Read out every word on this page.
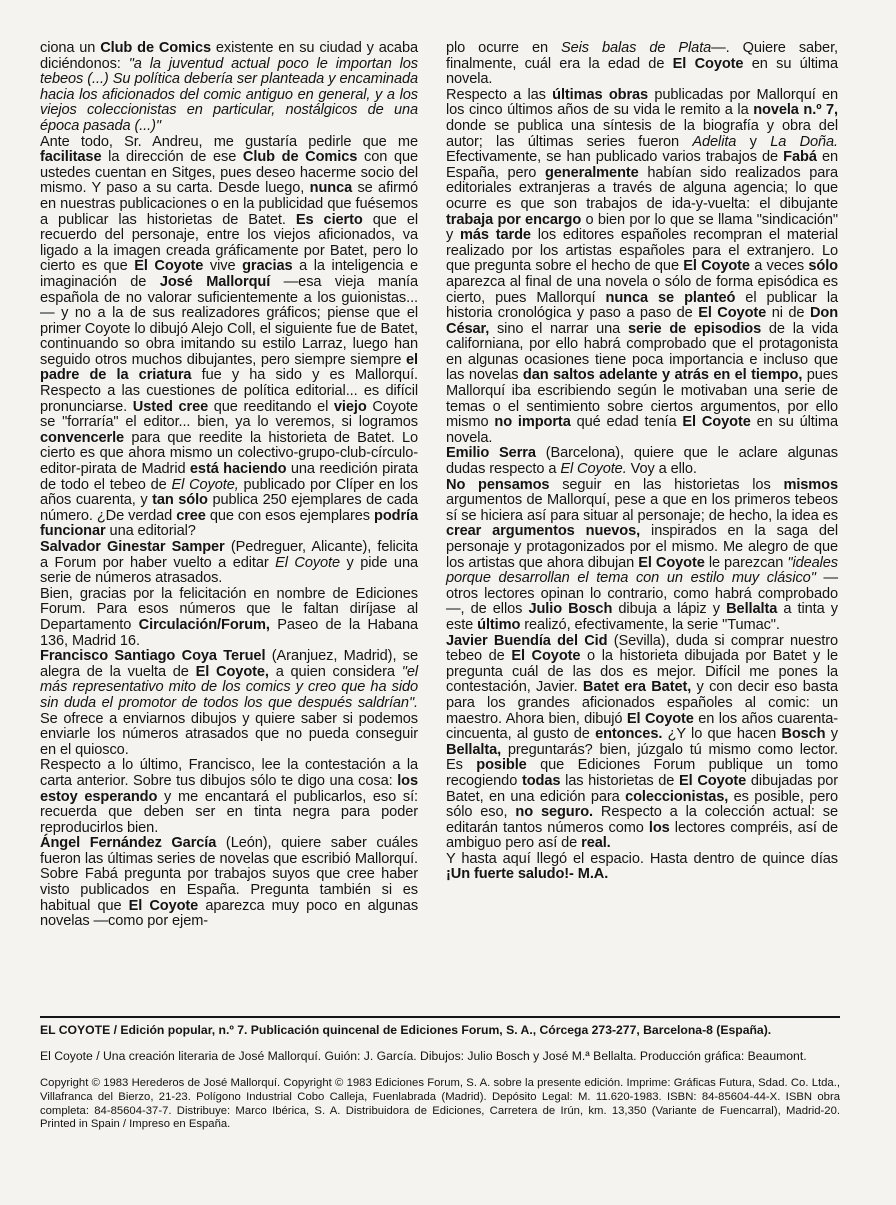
ciona un Club de Comics existente en su ciudad y acaba diciéndonos: "a la juventud actual poco le importan los tebeos (...) Su política debería ser planteada y encaminada hacia los aficionados del comic antiguo en general, y a los viejos coleccionistas en particular, nostálgicos de una época pasada (...)"

Ante todo, Sr. Andreu, me gustaría pedirle que me facilitase la dirección de ese Club de Comics con que ustedes cuentan en Sitges, pues deseo hacerme socio del mismo. Y paso a su carta. Desde luego, nunca se afirmó en nuestras publicaciones o en la publicidad que fuésemos a publicar las historietas de Batet. Es cierto que el recuerdo del personaje, entre los viejos aficionados, va ligado a la imagen creada gráficamente por Batet, pero lo cierto es que El Coyote vive gracias a la inteligencia e imaginación de José Mallorquí —esa vieja manía española de no valorar suficientemente a los guionistas... — y no a la de sus realizadores gráficos; piense que el primer Coyote lo dibujó Alejo Coll, el siguiente fue de Batet, continuando so obra imitando su estilo Larraz, luego han seguido otros muchos dibujantes, pero siempre siempre el padre de la criatura fue y ha sido y es Mallorquí. Respecto a las cuestiones de política editorial... es difícil pronunciarse. Usted cree que reeditando el viejo Coyote se "forraría" el editor... bien, ya lo veremos, si logramos convencerle para que reedite la historieta de Batet. Lo cierto es que ahora mismo un colectivo-grupo-club-círculo-editor-pirata de Madrid está haciendo una reedición pirata de todo el tebeo de El Coyote, publicado por Clíper en los años cuarenta, y tan sólo publica 250 ejemplares de cada número. ¿De verdad cree que con esos ejemplares podría funcionar una editorial?

Salvador Ginestar Samper (Pedreguer, Alicante), felicita a Forum por haber vuelto a editar El Coyote y pide una serie de números atrasados.

Bien, gracias por la felicitación en nombre de Ediciones Forum. Para esos números que le faltan diríjase al Departamento Circulación/Forum, Paseo de la Habana 136, Madrid 16.

Francisco Santiago Coya Teruel (Aranjuez, Madrid), se alegra de la vuelta de El Coyote, a quien considera "el más representativo mito de los comics y creo que ha sido sin duda el promotor de todos los que después saldrían". Se ofrece a enviarnos dibujos y quiere saber si podemos enviarle los números atrasados que no pueda conseguir en el quiosco.

Respecto a lo último, Francisco, lee la contestación a la carta anterior. Sobre tus dibujos sólo te digo una cosa: los estoy esperando y me encantará el publicarlos, eso sí: recuerda que deben ser en tinta negra para poder reproducirlos bien.

Ángel Fernández García (León), quiere saber cuáles fueron las últimas series de novelas que escribió Mallorquí. Sobre Fabá pregunta por trabajos suyos que cree haber visto publicados en España. Pregunta también si es habitual que El Coyote aparezca muy poco en algunas novelas —como por ejem-

plo ocurre en Seis balas de Plata—. Quiere saber, finalmente, cuál era la edad de El Coyote en su última novela.

Respecto a las últimas obras publicadas por Mallorquí en los cinco últimos años de su vida le remito a la novela n.º 7, donde se publica una síntesis de la biografía y obra del autor; las últimas series fueron Adelita y La Doña. Efectivamente, se han publicado varios trabajos de Fabá en España, pero generalmente habían sido realizados para editoriales extranjeras a través de alguna agencia; lo que ocurre es que son trabajos de ida-y-vuelta: el dibujante trabaja por encargo o bien por lo que se llama "sindicación" y más tarde los editores españoles recompran el material realizado por los artistas españoles para el extranjero. Lo que pregunta sobre el hecho de que El Coyote a veces sólo aparezca al final de una novela o sólo de forma episódica es cierto, pues Mallorquí nunca se planteó el publicar la historia cronológica y paso a paso de El Coyote ni de Don César, sino el narrar una serie de episodios de la vida californiana, por ello habrá comprobado que el protagonista en algunas ocasiones tiene poca importancia e incluso que las novelas dan saltos adelante y atrás en el tiempo, pues Mallorquí iba escribiendo según le motivaban una serie de temas o el sentimiento sobre ciertos argumentos, por ello mismo no importa qué edad tenía El Coyote en su última novela.

Emilio Serra (Barcelona), quiere que le aclare algunas dudas respecto a El Coyote. Voy a ello.

No pensamos seguir en las historietas los mismos argumentos de Mallorquí, pese a que en los primeros tebeos sí se hiciera así para situar al personaje; de hecho, la idea es crear argumentos nuevos, inspirados en la saga del personaje y protagonizados por el mismo. Me alegro de que los artistas que ahora dibujan El Coyote le parezcan "ideales porque desarrollan el tema con un estilo muy clásico" — otros lectores opinan lo contrario, como habrá comprobado—, de ellos Julio Bosch dibuja a lápiz y Bellalta a tinta y este último realizó, efectivamente, la serie "Tumac".

Javier Buendía del Cid (Sevilla), duda si comprar nuestro tebeo de El Coyote o la historieta dibujada por Batet y le pregunta cuál de las dos es mejor. Difícil me pones la contestación, Javier. Batet era Batet, y con decir eso basta para los grandes aficionados españoles al comic: un maestro. Ahora bien, dibujó El Coyote en los años cuarenta-cincuenta, al gusto de entonces. ¿Y lo que hacen Bosch y Bellalta, preguntarás? bien, júzgalo tú mismo como lector. Es posible que Ediciones Forum publique un tomo recogiendo todas las historietas de El Coyote dibujadas por Batet, en una edición para coleccionistas, es posible, pero sólo eso, no seguro. Respecto a la colección actual: se editarán tantos números como los lectores compréis, así de ambiguo pero así de real.

Y hasta aquí llegó el espacio. Hasta dentro de quince días ¡Un fuerte saludo!- M.A.

EL COYOTE / Edición popular, n.º 7. Publicación quincenal de Ediciones Forum, S. A., Córcega 273-277, Barcelona-8 (España).
El Coyote / Una creación literaria de José Mallorquí. Guión: J. García. Dibujos: Julio Bosch y José M.ª Bellalta. Producción gráfica: Beaumont.
Copyright © 1983 Herederos de José Mallorquí. Copyright © 1983 Ediciones Forum, S. A. sobre la presente edición. Imprime: Gráficas Futura, Sdad. Co. Ltda., Villafranca del Bierzo, 21-23. Polígono Industrial Cobo Calleja, Fuenlabrada (Madrid). Depósito Legal: M. 11.620-1983. ISBN: 84-85604-44-X. ISBN obra completa: 84-85604-37-7. Distribuye: Marco Ibérica, S. A. Distribuidora de Ediciones, Carretera de Irún, km. 13,350 (Variante de Fuencarral), Madrid-20. Printed in Spain / Impreso en España.
